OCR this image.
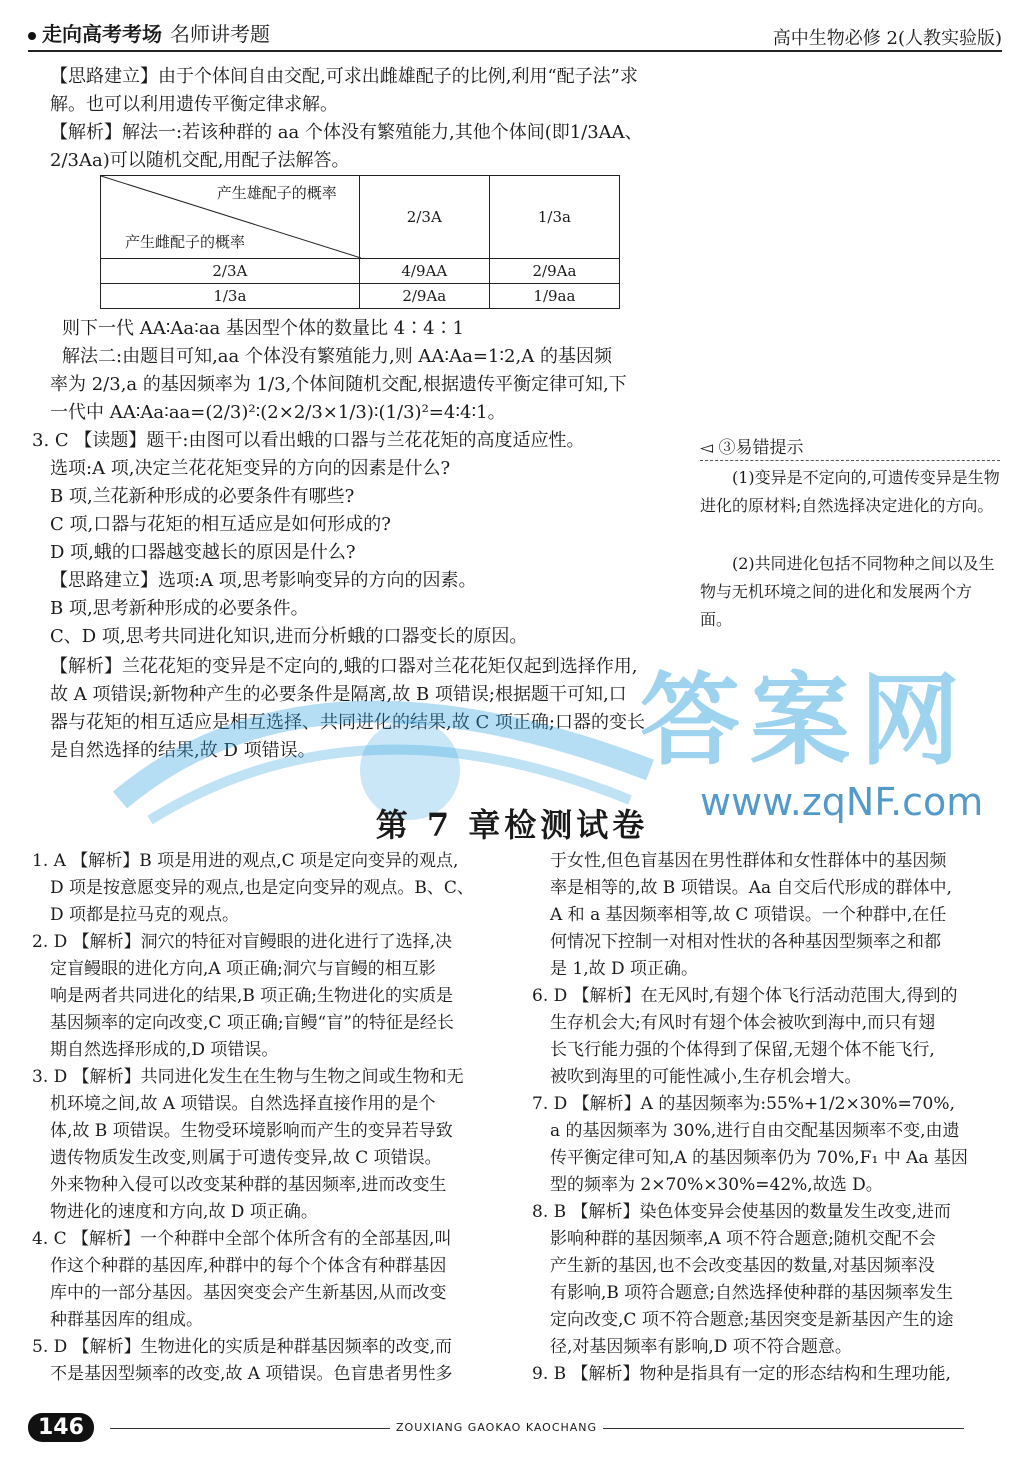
走向高考考场 名师讲考题	高中生物必修 2(人教实验版)
【思路建立】由于个体间自由交配,可求出雌雄配子的比例,利用“配子法”求
解。也可以利用遗传平衡定律求解。
【解析】解法一:若该种群的 aa 个体没有繁殖能力,其他个体间(即1/3AA、
2/3Aa)可以随机交配,用配子法解答。
产生雄配子的概率
产生雌配子的概率	2/3A	1/3a
2/3A	4/9AA	2/9Aa
1/3a	2/9Aa	1/9aa
则下一代 AA∶Aa∶aa 基因型个体的数量比 4∶4∶1
解法二:由题目可知,aa 个体没有繁殖能力,则 AA∶Aa=1∶2,A 的基因频
率为 2/3,a 的基因频率为 1/3,个体间随机交配,根据遗传平衡定律可知,下
一代中 AA∶Aa∶aa=(2/3)²∶(2×2/3×1/3)∶(1/3)²=4∶4∶1。
3. C 【读题】题干:由图可以看出蛾的口器与兰花花矩的高度适应性。
选项:A 项,决定兰花花矩变异的方向的因素是什么?
B 项,兰花新种形成的必要条件有哪些?
C 项,口器与花矩的相互适应是如何形成的?
D 项,蛾的口器越变越长的原因是什么?
【思路建立】选项:A 项,思考影响变异的方向的因素。
B 项,思考新种形成的必要条件。
C、D 项,思考共同进化知识,进而分析蛾的口器变长的原因。
【解析】兰花花矩的变异是不定向的,蛾的口器对兰花花矩仅起到选择作用,
故 A 项错误;新物种产生的必要条件是隔离,故 B 项错误;根据题干可知,口
器与花矩的相互适应是相互选择、共同进化的结果,故 C 项正确;口器的变长
是自然选择的结果,故 D 项错误。
◅ ③易错提示
(1)变异是不定向的,可遗传变异是生物进化的原材料;自然选择决定进化的方向。
(2)共同进化包括不同物种之间以及生物与无机环境之间的进化和发展两个方面。
答案网
www.zqNF.com
第 7 章检测试卷
1. A 【解析】B 项是用进的观点,C 项是定向变异的观点,
D 项是按意愿变异的观点,也是定向变异的观点。B、C、
D 项都是拉马克的观点。
2. D 【解析】洞穴的特征对盲鳗眼的进化进行了选择,决
定盲鳗眼的进化方向,A 项正确;洞穴与盲鳗的相互影
响是两者共同进化的结果,B 项正确;生物进化的实质是
基因频率的定向改变,C 项正确;盲鳗“盲”的特征是经长
期自然选择形成的,D 项错误。
3. D 【解析】共同进化发生在生物与生物之间或生物和无
机环境之间,故 A 项错误。自然选择直接作用的是个
体,故 B 项错误。生物受环境影响而产生的变异若导致
遗传物质发生改变,则属于可遗传变异,故 C 项错误。
外来物种入侵可以改变某种群的基因频率,进而改变生
物进化的速度和方向,故 D 项正确。
4. C 【解析】一个种群中全部个体所含有的全部基因,叫
作这个种群的基因库,种群中的每个个体含有种群基因
库中的一部分基因。基因突变会产生新基因,从而改变
种群基因库的组成。
5. D 【解析】生物进化的实质是种群基因频率的改变,而
不是基因型频率的改变,故 A 项错误。色盲患者男性多
于女性,但色盲基因在男性群体和女性群体中的基因频
率是相等的,故 B 项错误。Aa 自交后代形成的群体中,
A 和 a 基因频率相等,故 C 项错误。一个种群中,在任
何情况下控制一对相对性状的各种基因型频率之和都
是 1,故 D 项正确。
6. D 【解析】在无风时,有翅个体飞行活动范围大,得到的
生存机会大;有风时有翅个体会被吹到海中,而只有翅
长飞行能力强的个体得到了保留,无翅个体不能飞行,
被吹到海里的可能性减小,生存机会增大。
7. D 【解析】A 的基因频率为:55%+1/2×30%=70%,
a 的基因频率为 30%,进行自由交配基因频率不变,由遗
传平衡定律可知,A 的基因频率仍为 70%,F₁ 中 Aa 基因
型的频率为 2×70%×30%=42%,故选 D。
8. B 【解析】染色体变异会使基因的数量发生改变,进而
影响种群的基因频率,A 项不符合题意;随机交配不会
产生新的基因,也不会改变基因的数量,对基因频率没
有影响,B 项符合题意;自然选择使种群的基因频率发生
定向改变,C 项不符合题意;基因突变是新基因产生的途
径,对基因频率有影响,D 项不符合题意。
9. B 【解析】物种是指具有一定的形态结构和生理功能,
146	ZOUXIANG GAOKAO KAOCHANG
